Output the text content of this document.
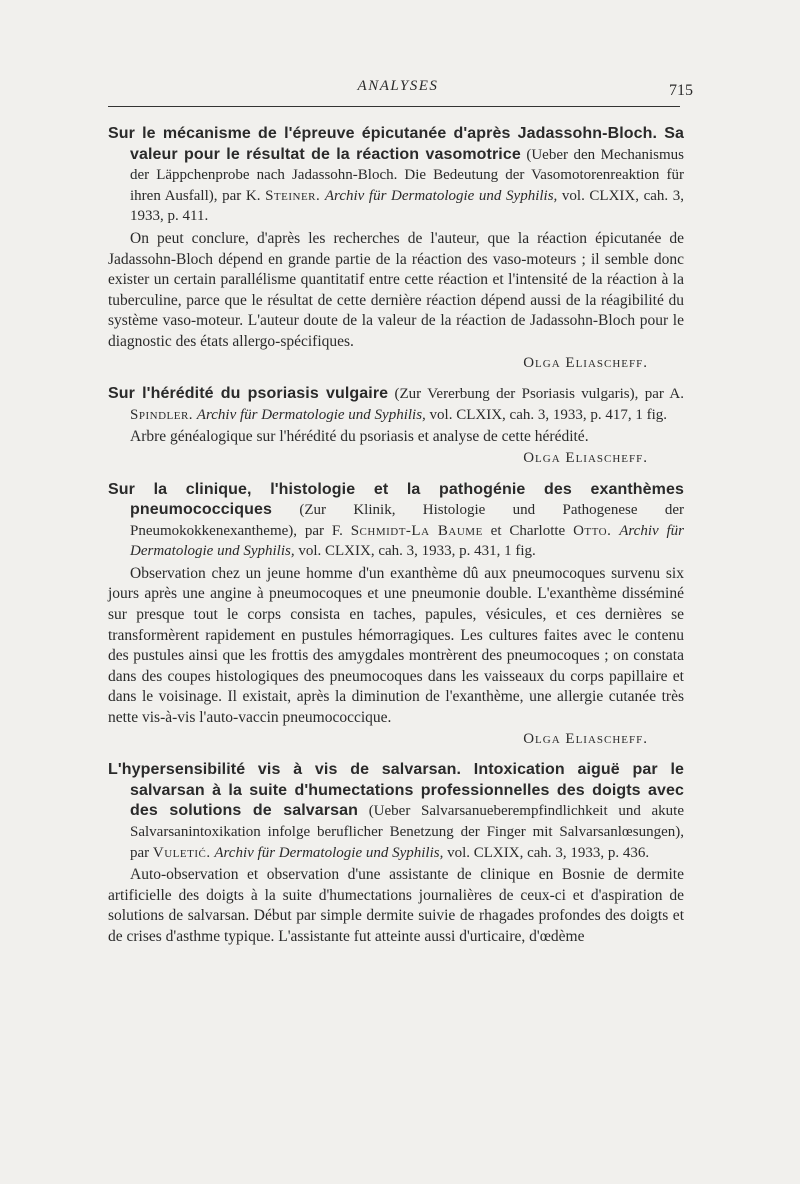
ANALYSES	715
Sur le mécanisme de l'épreuve épicutanée d'après Jadassohn-Bloch. Sa valeur pour le résultat de la réaction vasomotrice (Ueber den Mechanismus der Läppchenprobe nach Jadassohn-Bloch. Die Bedeutung der Vasomotorenreaktion für ihren Ausfall), par K. Steiner. Archiv für Dermatologie und Syphilis, vol. CLXIX, cah. 3, 1933, p. 411.
On peut conclure, d'après les recherches de l'auteur, que la réaction épicutanée de Jadassohn-Bloch dépend en grande partie de la réaction des vaso-moteurs ; il semble donc exister un certain parallélisme quantitatif entre cette réaction et l'intensité de la réaction à la tuberculine, parce que le résultat de cette dernière réaction dépend aussi de la réagibilité du système vaso-moteur. L'auteur doute de la valeur de la réaction de Jadassohn-Bloch pour le diagnostic des états allergo-spécifiques.
Olga Eliascheff.
Sur l'hérédité du psoriasis vulgaire (Zur Vererbung der Psoriasis vulgaris), par A. Spindler. Archiv für Dermatologie und Syphilis, vol. CLXIX, cah. 3, 1933, p. 417, 1 fig.
Arbre généalogique sur l'hérédité du psoriasis et analyse de cette hérédité.
Olga Eliascheff.
Sur la clinique, l'histologie et la pathogénie des exanthèmes pneumococciques (Zur Klinik, Histologie und Pathogenese der Pneumokokkenexantheme), par F. Schmidt-La Baume et Charlotte Otto. Archiv für Dermatologie und Syphilis, vol. CLXIX, cah. 3, 1933, p. 431, 1 fig.
Observation chez un jeune homme d'un exanthème dû aux pneumocoques survenu six jours après une angine à pneumocoques et une pneumonie double. L'exanthème disséminé sur presque tout le corps consista en taches, papules, vésicules, et ces dernières se transformèrent rapidement en pustules hémorragiques. Les cultures faites avec le contenu des pustules ainsi que les frottis des amygdales montrèrent des pneumocoques ; on constata dans des coupes histologiques des pneumocoques dans les vaisseaux du corps papillaire et dans le voisinage. Il existait, après la diminution de l'exanthème, une allergie cutanée très nette vis-à-vis l'auto-vaccin pneumococcique.
Olga Eliascheff.
L'hypersensibilité vis à vis de salvarsan. Intoxication aiguë par le salvarsan à la suite d'humectations professionnelles des doigts avec des solutions de salvarsan (Ueber Salvarsanueberempfindlichkeit und akute Salvarsanintoxikation infolge beruflicher Benetzung der Finger mit Salvarsanlœsungen), par Vuletić. Archiv für Dermatologie und Syphilis, vol. CLXIX, cah. 3, 1933, p. 436.
Auto-observation et observation d'une assistante de clinique en Bosnie de dermite artificielle des doigts à la suite d'humectations journalières de ceux-ci et d'aspiration de solutions de salvarsan. Début par simple dermite suivie de rhagades profondes des doigts et de crises d'asthme typique. L'assistante fut atteinte aussi d'urticaire, d'œdème
